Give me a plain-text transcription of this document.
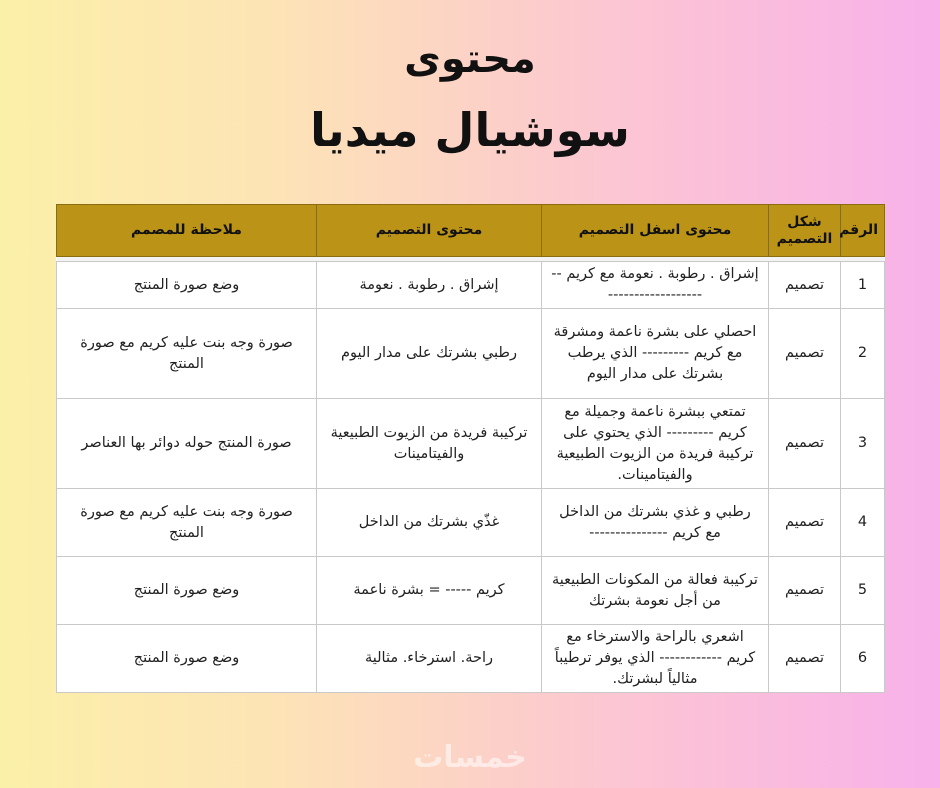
محتوى
سوشيال ميديا
الرقم	شكل التصميم	محتوى اسفل التصميم	محتوى التصميم	ملاحظة للمصمم

1	تصميم	إشراق . رطوبة . نعومة مع كريم --------------------	إشراق . رطوبة . نعومة	وضع صورة المنتج
2	تصميم	احصلي على بشرة ناعمة ومشرقة مع كريم --------- الذي يرطب بشرتك على مدار اليوم	رطبي بشرتك على مدار اليوم	صورة وجه بنت عليه كريم مع صورة المنتج
3	تصميم	تمتعي ببشرة ناعمة وجميلة مع كريم --------- الذي يحتوي على تركيبة فريدة من الزيوت الطبيعية والفيتامينات.	تركيبة فريدة من الزيوت الطبيعية والفيتامينات	صورة المنتج حوله دوائر بها العناصر
4	تصميم	رطبي و غذي بشرتك من الداخل مع كريم ---------------	غذّي بشرتك من الداخل	صورة وجه بنت عليه كريم مع صورة المنتج
5	تصميم	تركيبة فعالة من المكونات الطبيعية من أجل نعومة بشرتك	كريم ----- = بشرة ناعمة	وضع صورة المنتج
6	تصميم	اشعري بالراحة والاسترخاء مع كريم ------------ الذي يوفر ترطيباً مثالياً لبشرتك.	راحة. استرخاء. مثالية	وضع صورة المنتج
خمسات
